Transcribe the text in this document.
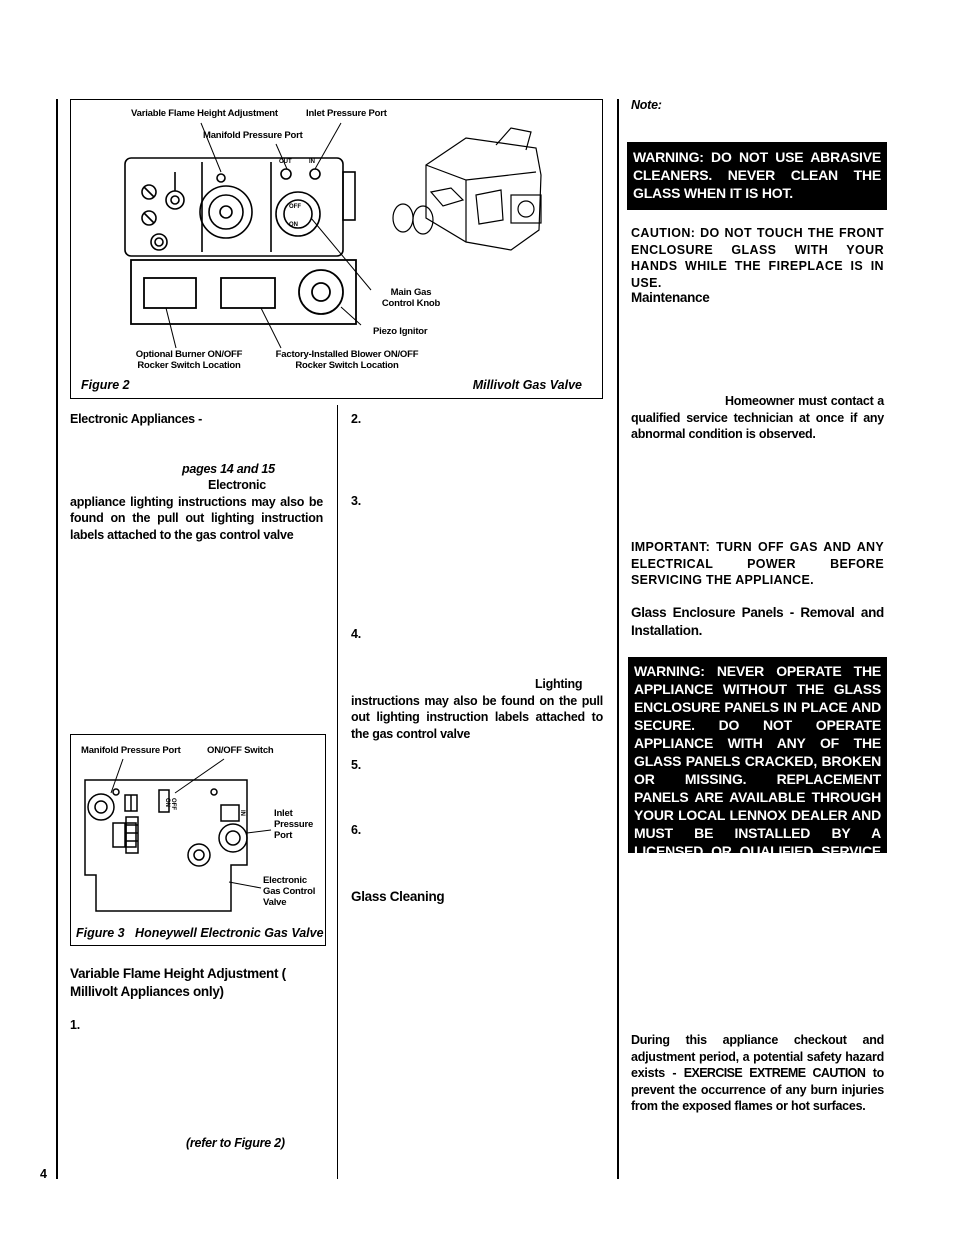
4
OUT	IN
OFF
ON
Variable Flame Height Adjustment	Inlet Pressure Port
Manifold Pressure Port
Main Gas Control Knob
Piezo Ignitor
Optional Burner ON/OFF Rocker Switch Location
Factory-Installed Blower ON/OFF Rocker Switch Location
Figure 2	Millivolt Gas Valve
Electronic Appliances -
pages 14 and 15
Electronic appliance lighting instructions may also be found on the pull out lighting instruction labels attached to the gas control valve
OFF
ON
IN
Manifold Pressure Port	ON/OFF Switch
Inlet Pressure Port
Electronic Gas Control Valve
Figure 3   Honeywell Electronic Gas Valve
Variable Flame Height Adjustment ( Millivolt Appliances only)
1.
(refer to Figure 2)
2.
3.
4.
Lighting instructions may also be found on the pull out lighting instruction labels attached to the gas control valve
5.
6.
Glass Cleaning
Note:
WARNING: DO NOT USE ABRASIVE CLEANERS. NEVER CLEAN THE GLASS WHEN IT IS HOT.
CAUTION: DO NOT TOUCH THE FRONT ENCLOSURE GLASS WITH YOUR HANDS WHILE THE FIREPLACE IS IN USE.
Maintenance
Homeowner must contact a qualified service technician at once if any abnormal condition is observed.
IMPORTANT: TURN OFF GAS AND ANY ELECTRICAL POWER BEFORE SERVICING THE APPLIANCE.
Glass Enclosure Panels - Removal and Installation.
WARNING: NEVER OPERATE THE APPLIANCE WITHOUT THE GLASS ENCLOSURE PANELS IN PLACE AND SECURE. DO NOT OPERATE APPLIANCE WITH ANY OF THE GLASS PANELS CRACKED, BROKEN OR MISSING. REPLACEMENT PANELS ARE AVAILABLE THROUGH YOUR LOCAL LENNOX DEALER AND MUST BE INSTALLED BY A LICENSED OR QUALIFIED SERVICE TECHNICIAN.
During this appliance checkout and adjustment period, a potential safety hazard exists - EXERCISE EXTREME CAUTION to prevent the occurrence of any burn injuries from the exposed flames or hot surfaces.
